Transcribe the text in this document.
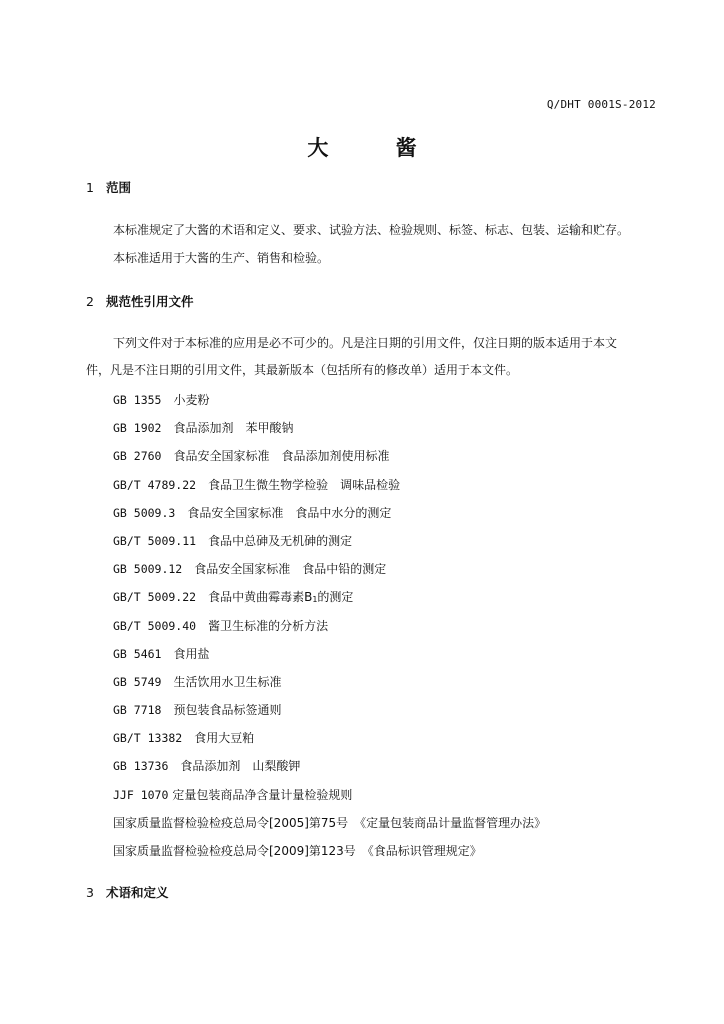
Q/DHT 0001S-2012
大 酱
1 范围
本标准规定了大酱的术语和定义、要求、试验方法、检验规则、标签、标志、包装、运输和贮存。
本标准适用于大酱的生产、销售和检验。
2 规范性引用文件
下列文件对于本标准的应用是必不可少的。凡是注日期的引用文件，仅注日期的版本适用于本文
件，凡是不注日期的引用文件，其最新版本（包括所有的修改单）适用于本文件。
GB 1355 小麦粉
GB 1902 食品添加剂　苯甲酸钠
GB 2760 食品安全国家标准　食品添加剂使用标准
GB/T 4789.22 食品卫生微生物学检验　调味品检验
GB 5009.3 食品安全国家标准　食品中水分的测定
GB/T 5009.11 食品中总砷及无机砷的测定
GB 5009.12 食品安全国家标准　食品中铅的测定
GB/T 5009.22 食品中黄曲霉毒素B1的测定
GB/T 5009.40 酱卫生标准的分析方法
GB 5461 食用盐
GB 5749 生活饮用水卫生标准
GB 7718 预包装食品标签通则
GB/T 13382 食用大豆粕
GB 13736 食品添加剂　山梨酸钾
JJF 1070 定量包装商品净含量计量检验规则
国家质量监督检验检疫总局令[2005]第75号　《定量包装商品计量监督管理办法》
国家质量监督检验检疫总局令[2009]第123号　《食品标识管理规定》
3 术语和定义
